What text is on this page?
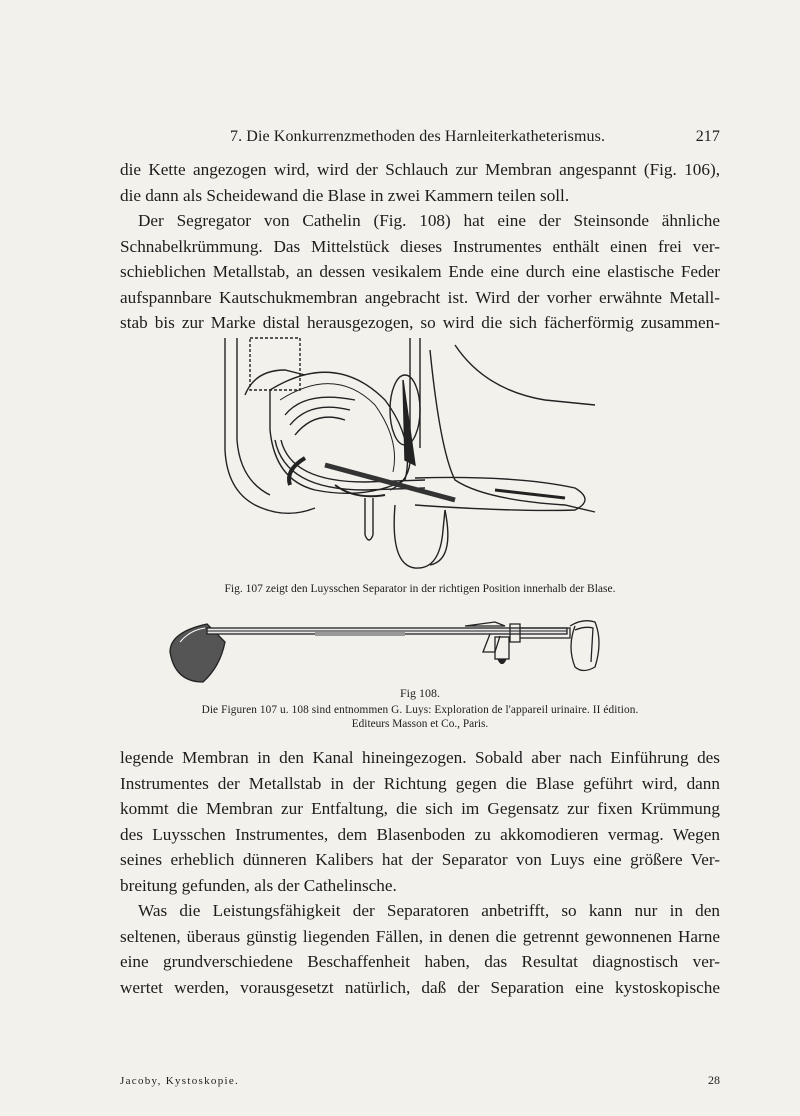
7. Die Konkurrenzmethoden des Harnleiterkatheterismus.	217
die Kette angezogen wird, wird der Schlauch zur Membran angespannt (Fig. 106),
die dann als Scheidewand die Blase in zwei Kammern teilen soll.
Der Segregator von Cathelin (Fig. 108) hat eine der Steinsonde ähnliche
Schnabelkrümmung. Das Mittelstück dieses Instrumentes enthält einen frei ver-
schieblichen Metallstab, an dessen vesikalem Ende eine durch eine elastische Feder
aufspannbare Kautschukmembran angebracht ist. Wird der vorher erwähnte Metall-
stab bis zur Marke distal herausgezogen, so wird die sich fächerförmig zusammen-
Fig. 107 zeigt den Luysschen Separator in der richtigen Position innerhalb der Blase.
Fig 108.
Die Figuren 107 u. 108 sind entnommen G. Luys: Exploration de l'appareil urinaire. II édition.
Editeurs Masson et Co., Paris.
legende Membran in den Kanal hineingezogen. Sobald aber nach Einführung des
Instrumentes der Metallstab in der Richtung gegen die Blase geführt wird, dann
kommt die Membran zur Entfaltung, die sich im Gegensatz zur fixen Krümmung
des Luysschen Instrumentes, dem Blasenboden zu akkomodieren vermag. Wegen
seines erheblich dünneren Kalibers hat der Separator von Luys eine größere Ver-
breitung gefunden, als der Cathelinsche.
Was die Leistungsfähigkeit der Separatoren anbetrifft, so kann nur in den
seltenen, überaus günstig liegenden Fällen, in denen die getrennt gewonnenen Harne
eine grundverschiedene Beschaffenheit haben, das Resultat diagnostisch ver-
wertet werden, vorausgesetzt natürlich, daß der Separation eine kystoskopische
Jacoby, Kystoskopie.	28
